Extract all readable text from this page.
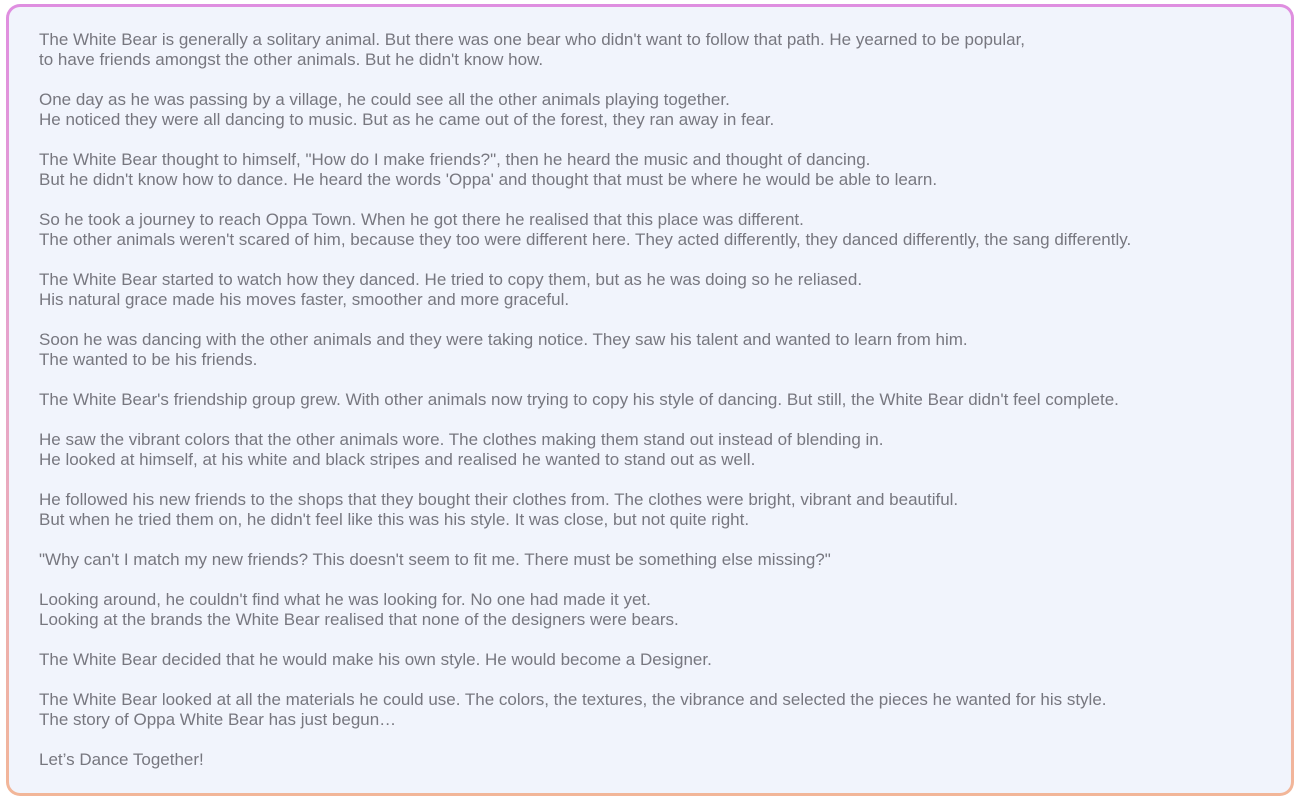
The White Bear is generally a solitary animal. But there was one bear who didn't want to follow that path. He yearned to be popular,
to have friends amongst the other animals. But he didn't know how.

One day as he was passing by a village, he could see all the other animals playing together.
He noticed they were all dancing to music. But as he came out of the forest, they ran away in fear.

The White Bear thought to himself, "How do I make friends?", then he heard the music and thought of dancing.
But he didn't know how to dance. He heard the words 'Oppa' and thought that must be where he would be able to learn.

So he took a journey to reach Oppa Town. When he got there he realised that this place was different.
The other animals weren't scared of him, because they too were different here. They acted differently, they danced differently, the sang differently.

The White Bear started to watch how they danced. He tried to copy them, but as he was doing so he reliased.
His natural grace made his moves faster, smoother and more graceful.

Soon he was dancing with the other animals and they were taking notice. They saw his talent and wanted to learn from him.
The wanted to be his friends.

The White Bear's friendship group grew. With other animals now trying to copy his style of dancing. But still, the White Bear didn't feel complete.

He saw the vibrant colors that the other animals wore. The clothes making them stand out instead of blending in.
He looked at himself, at his white and black stripes and realised he wanted to stand out as well.

He followed his new friends to the shops that they bought their clothes from. The clothes were bright, vibrant and beautiful.
But when he tried them on, he didn't feel like this was his style. It was close, but not quite right.

"Why can't I match my new friends? This doesn't seem to fit me. There must be something else missing?"

Looking around, he couldn't find what he was looking for. No one had made it yet.
Looking at the brands the White Bear realised that none of the designers were bears.

The White Bear decided that he would make his own style. He would become a Designer.

The White Bear looked at all the materials he could use. The colors, the textures, the vibrance and selected the pieces he wanted for his style.
The story of Oppa White Bear has just begun…

Let’s Dance Together!
